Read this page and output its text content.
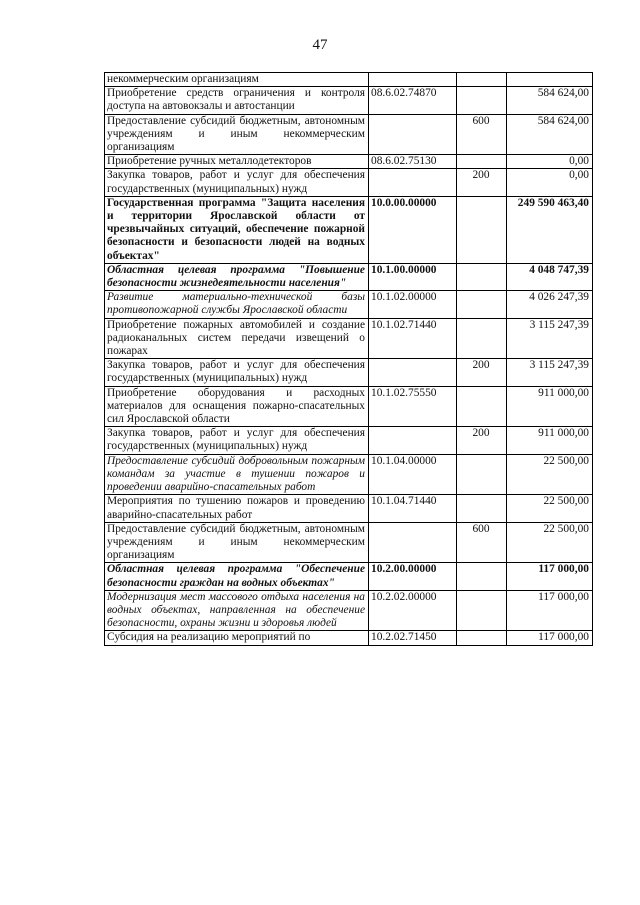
47
некоммерческим организациям			
Приобретение средств ограничения и контроля доступа на автовокзалы и автостанции	08.6.02.74870		584 624,00
Предоставление субсидий бюджетным, автономным учреждениям и иным некоммерческим организациям		600	584 624,00
Приобретение ручных металлодетекторов	08.6.02.75130		0,00
Закупка товаров, работ и услуг для обеспечения государственных (муниципальных) нужд		200	0,00
Государственная программа "Защита населения и территории Ярославской области от чрезвычайных ситуаций, обеспечение пожарной безопасности и безопасности людей на водных объектах"	10.0.00.00000		249 590 463,40
Областная целевая программа "Повышение безопасности жизнедеятельности населения"	10.1.00.00000		4 048 747,39
Развитие материально-технической базы противопожарной службы Ярославской области	10.1.02.00000		4 026 247,39
Приобретение пожарных автомобилей и создание радиоканальных систем передачи извещений о пожарах	10.1.02.71440		3 115 247,39
Закупка товаров, работ и услуг для обеспечения государственных (муниципальных) нужд		200	3 115 247,39
Приобретение оборудования и расходных материалов для оснащения пожарно-спасательных сил Ярославской области	10.1.02.75550		911 000,00
Закупка товаров, работ и услуг для обеспечения государственных (муниципальных) нужд		200	911 000,00
Предоставление субсидий добровольным пожарным командам за участие в тушении пожаров и проведении аварийно-спасательных работ	10.1.04.00000		22 500,00
Мероприятия по тушению пожаров и проведению аварийно-спасательных работ	10.1.04.71440		22 500,00
Предоставление субсидий бюджетным, автономным учреждениям и иным некоммерческим организациям		600	22 500,00
Областная целевая программа "Обеспечение безопасности граждан на водных объектах"	10.2.00.00000		117 000,00
Модернизация мест массового отдыха населения на водных объектах, направленная на обеспечение безопасности, охраны жизни и здоровья людей	10.2.02.00000		117 000,00
Субсидия на реализацию мероприятий по	10.2.02.71450		117 000,00
